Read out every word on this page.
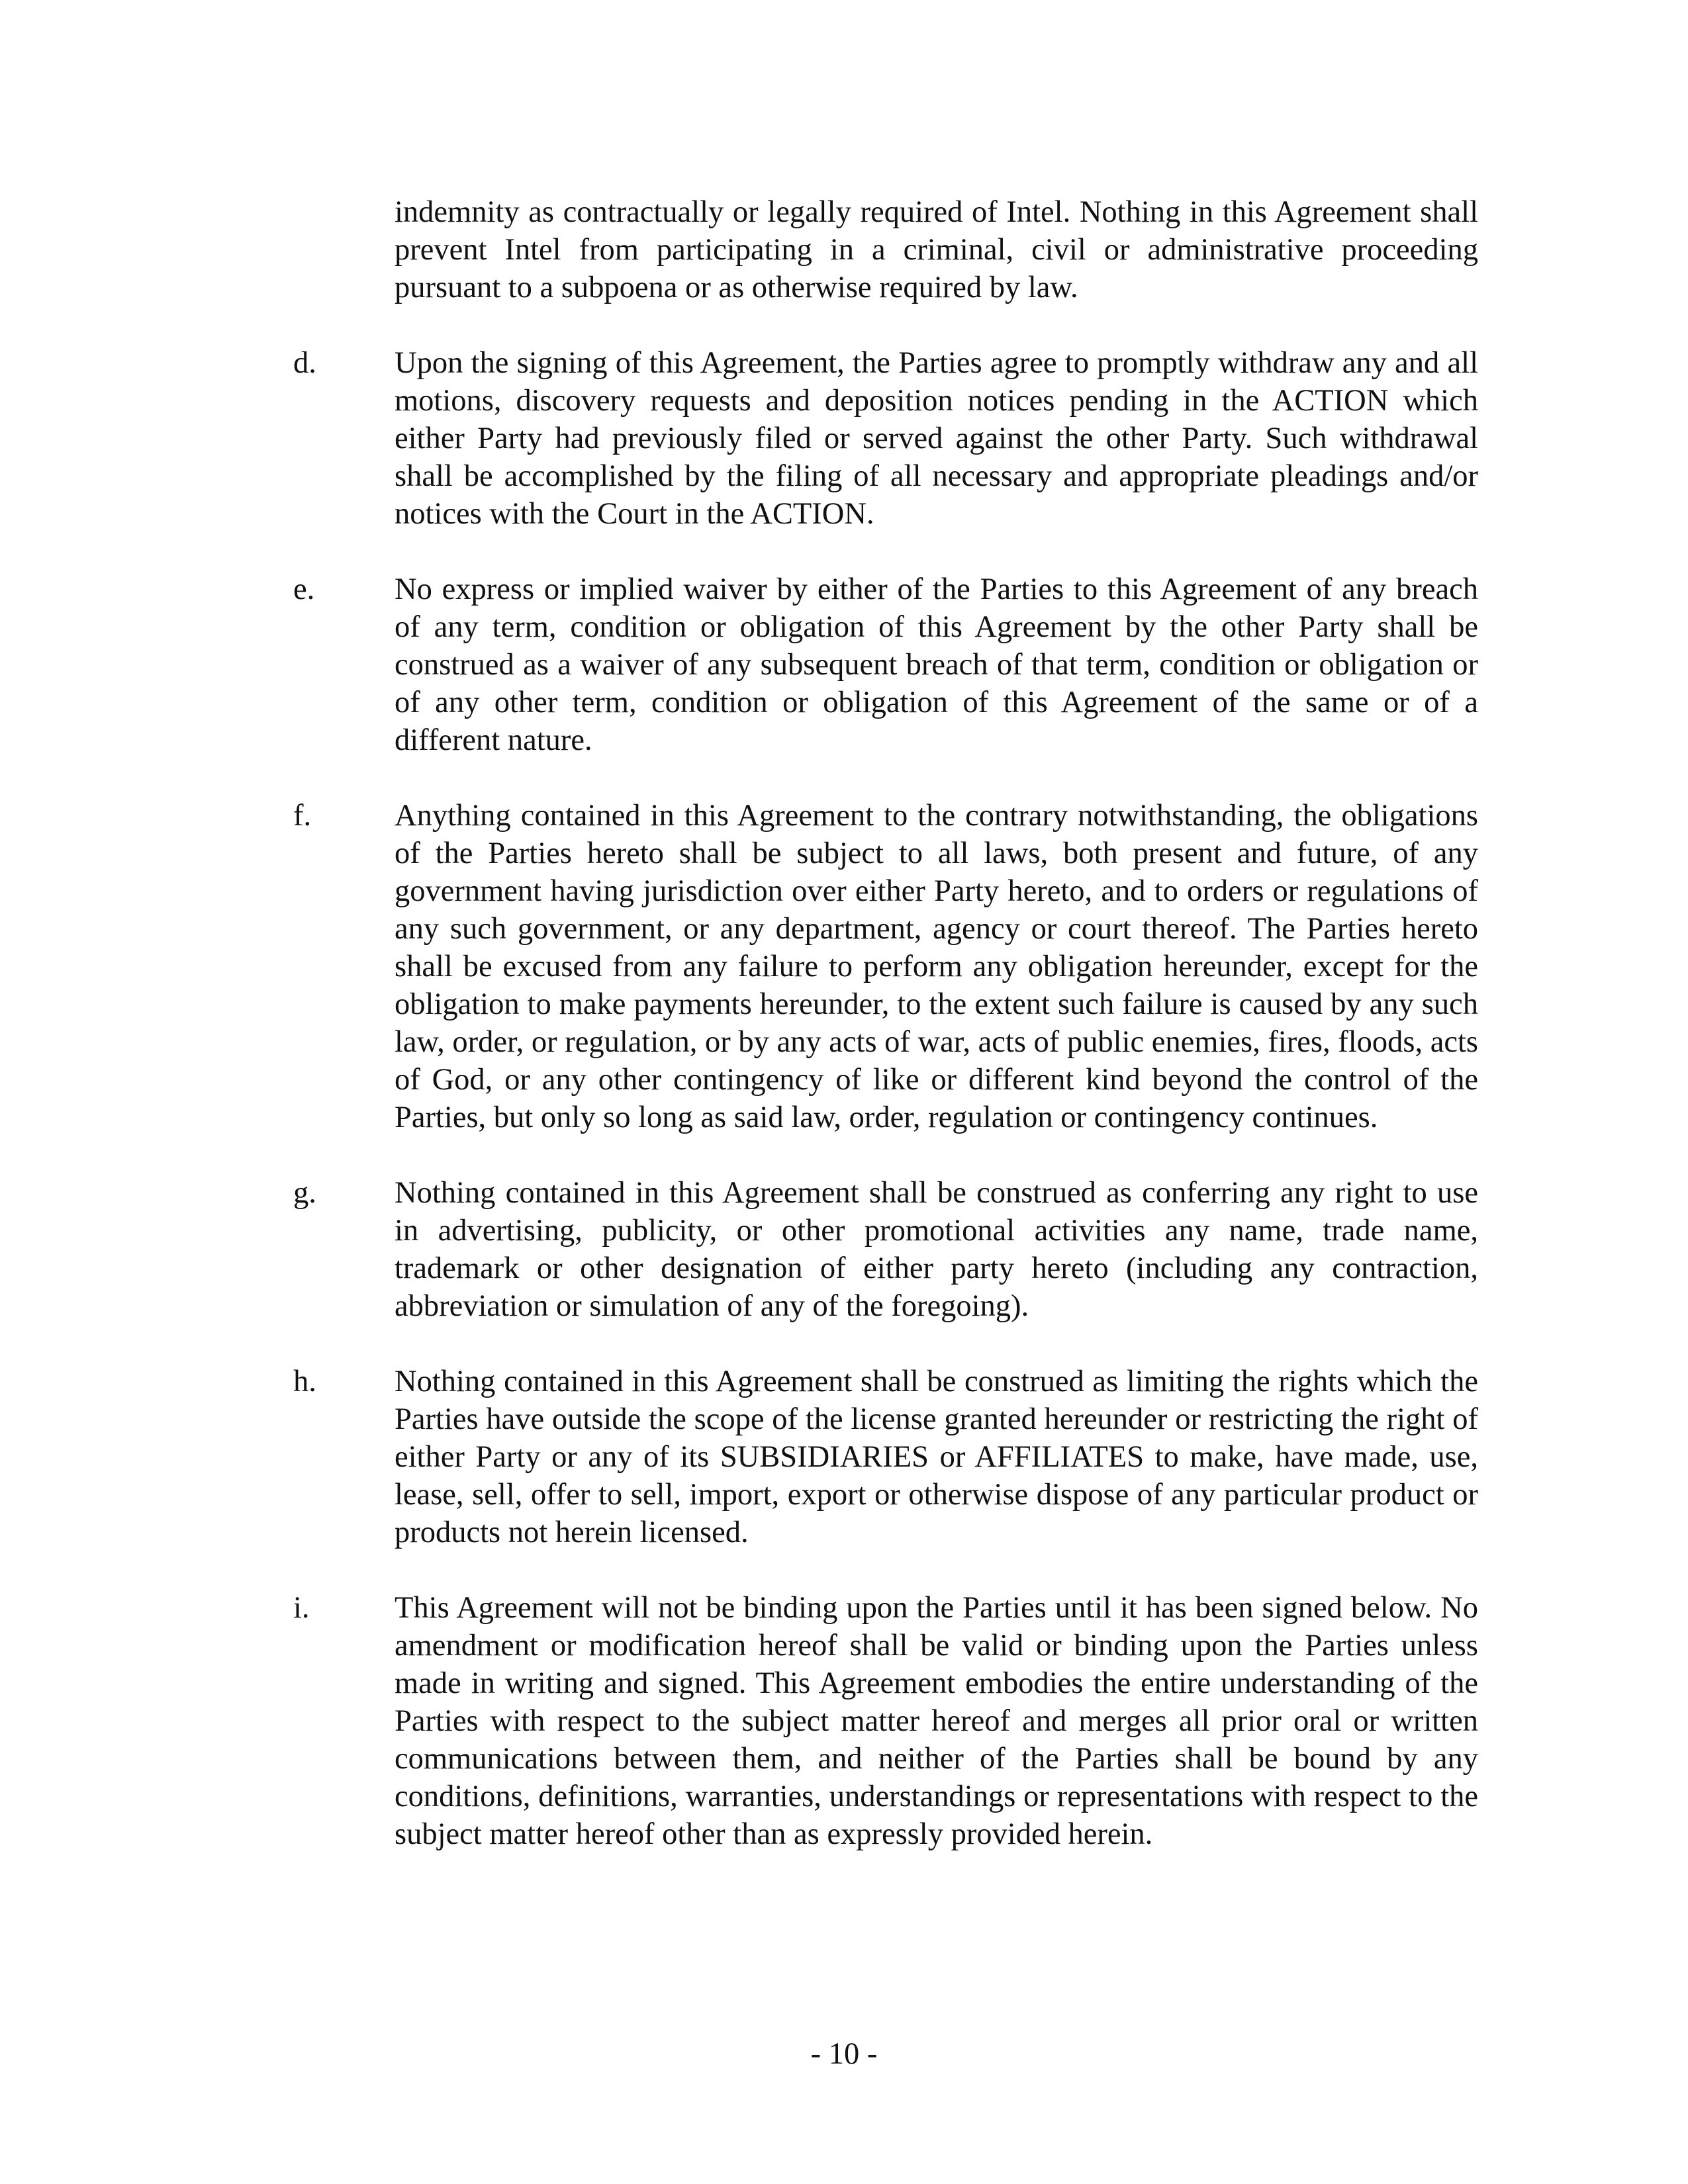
indemnity as contractually or legally required of Intel. Nothing in this Agreement shall prevent Intel from participating in a criminal, civil or administrative proceeding pursuant to a subpoena or as otherwise required by law.
d.	Upon the signing of this Agreement, the Parties agree to promptly withdraw any and all motions, discovery requests and deposition notices pending in the ACTION which either Party had previously filed or served against the other Party. Such withdrawal shall be accomplished by the filing of all necessary and appropriate pleadings and/or notices with the Court in the ACTION.
e.	No express or implied waiver by either of the Parties to this Agreement of any breach of any term, condition or obligation of this Agreement by the other Party shall be construed as a waiver of any subsequent breach of that term, condition or obligation or of any other term, condition or obligation of this Agreement of the same or of a different nature.
f.	Anything contained in this Agreement to the contrary notwithstanding, the obligations of the Parties hereto shall be subject to all laws, both present and future, of any government having jurisdiction over either Party hereto, and to orders or regulations of any such government, or any department, agency or court thereof. The Parties hereto shall be excused from any failure to perform any obligation hereunder, except for the obligation to make payments hereunder, to the extent such failure is caused by any such law, order, or regulation, or by any acts of war, acts of public enemies, fires, floods, acts of God, or any other contingency of like or different kind beyond the control of the Parties, but only so long as said law, order, regulation or contingency continues.
g.	Nothing contained in this Agreement shall be construed as conferring any right to use in advertising, publicity, or other promotional activities any name, trade name, trademark or other designation of either party hereto (including any contraction, abbreviation or simulation of any of the foregoing).
h.	Nothing contained in this Agreement shall be construed as limiting the rights which the Parties have outside the scope of the license granted hereunder or restricting the right of either Party or any of its SUBSIDIARIES or AFFILIATES to make, have made, use, lease, sell, offer to sell, import, export or otherwise dispose of any particular product or products not herein licensed.
i.	This Agreement will not be binding upon the Parties until it has been signed below. No amendment or modification hereof shall be valid or binding upon the Parties unless made in writing and signed. This Agreement embodies the entire understanding of the Parties with respect to the subject matter hereof and merges all prior oral or written communications between them, and neither of the Parties shall be bound by any conditions, definitions, warranties, understandings or representations with respect to the subject matter hereof other than as expressly provided herein.
- 10 -
